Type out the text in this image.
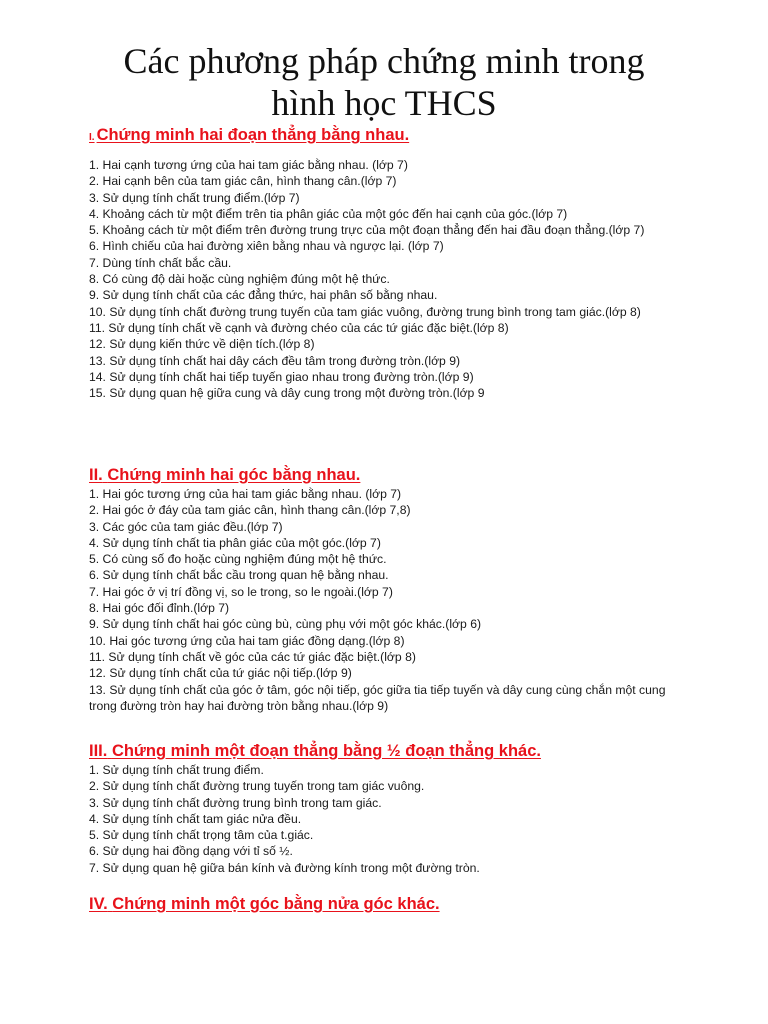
Các phương pháp chứng minh trong
hình học THCS

I. Chứng minh hai đoạn thẳng bằng nhau.

1. Hai cạnh tương ứng của hai tam giác bằng nhau. (lớp 7)
2. Hai cạnh bên của tam giác cân, hình thang cân.(lớp 7)
3. Sử dụng tính chất trung điểm.(lớp 7)
4. Khoảng cách từ một điểm trên tia phân giác của một góc đến hai cạnh của góc.(lớp 7)
5. Khoảng cách từ một điểm trên đường trung trực của một đoạn thẳng đến hai đầu đoạn thẳng.(lớp 7)
6. Hình chiếu của hai đường xiên bằng nhau và ngược lại. (lớp 7)
7. Dùng tính chất bắc cầu.
8. Có cùng độ dài hoặc cùng nghiệm đúng một hệ thức.
9. Sử dụng tính chất của các đẳng thức, hai phân số bằng nhau.
10. Sử dụng tính chất đường trung tuyến của tam giác vuông, đường trung bình trong tam giác.(lớp 8)
11. Sử dụng tính chất về cạnh và đường chéo của các tứ giác đặc biệt.(lớp 8)
12. Sử dụng kiến thức về diện tích.(lớp 8)
13. Sử dụng tính chất hai dây cách đều tâm trong đường tròn.(lớp 9)
14. Sử dụng tính chất hai tiếp tuyến giao nhau trong đường tròn.(lớp 9)
15. Sử dụng quan hệ giữa cung và dây cung trong một đường tròn.(lớp 9

II. Chứng minh hai góc bằng nhau.

1. Hai góc tương ứng của hai tam giác bằng nhau. (lớp 7)
2. Hai góc ở đáy của tam giác cân, hình thang cân.(lớp 7,8)
3. Các góc của tam giác đều.(lớp 7)
4. Sử dụng tính chất tia phân giác của một góc.(lớp 7)
5. Có cùng số đo hoặc cùng nghiệm đúng một hệ thức.
6. Sử dụng tính chất bắc cầu trong quan hệ bằng nhau.
7. Hai góc ở vị trí đồng vị, so le trong, so le ngoài.(lớp 7)
8. Hai góc đối đỉnh.(lớp 7)
9. Sử dụng tính chất hai góc cùng bù, cùng phụ với một góc khác.(lớp 6)
10. Hai góc tương ứng của hai tam giác đồng dạng.(lớp 8)
11. Sử dụng tính chất về góc của các tứ giác đặc biệt.(lớp 8)
12. Sử dụng tính chất của tứ giác nội tiếp.(lớp 9)
13. Sử dụng tính chất của góc ở tâm, góc nội tiếp, góc giữa tia tiếp tuyến và dây cung cùng chắn một cung trong đường tròn hay hai đường tròn bằng nhau.(lớp 9)

III. Chứng minh một đoạn thẳng bằng ½ đoạn thẳng khác.

1. Sử dụng tính chất trung điểm.
2. Sử dụng tính chất đường trung tuyến trong tam giác vuông.
3. Sử dụng tính chất đường trung bình trong tam giác.
4. Sử dụng tính chất tam giác nửa đều.
5. Sử dụng tính chất trọng tâm của t.giác.
6. Sử dụng hai đồng dạng với tỉ số ½.
7. Sử dụng quan hệ giữa bán kính và đường kính trong một đường tròn.

IV. Chứng minh một góc bằng nửa góc khác.
